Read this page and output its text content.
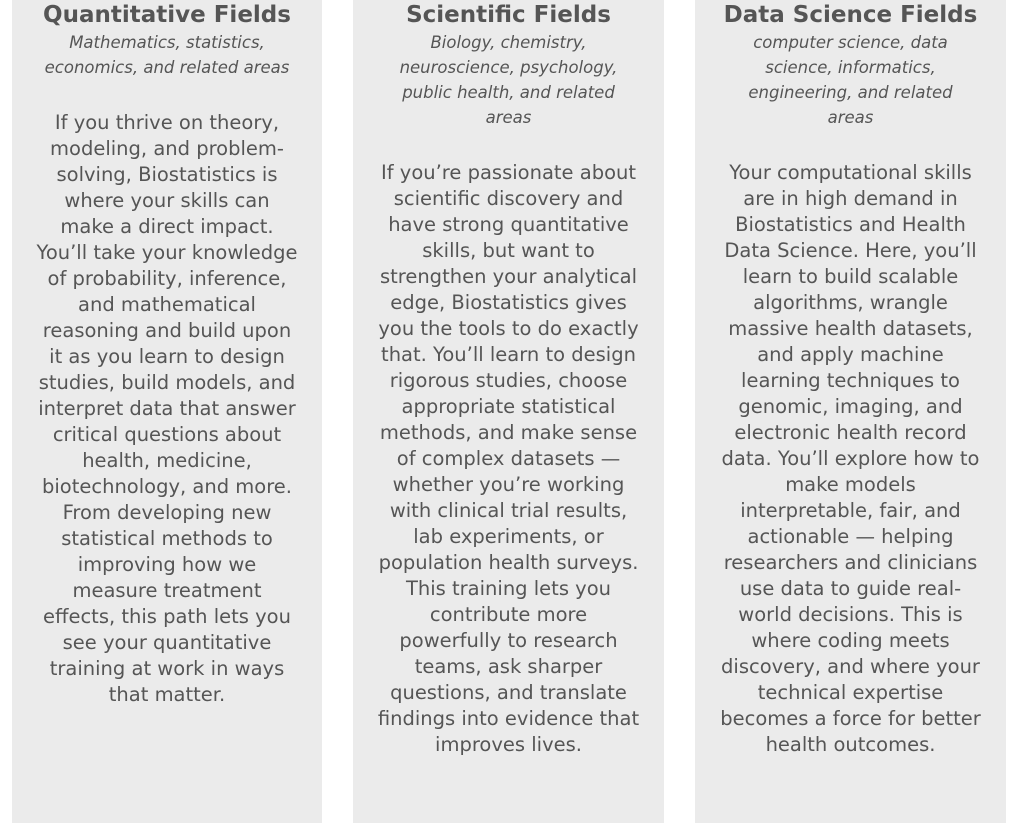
Quantitative Fields

Mathematics, statistics, economics, and related areas

If you thrive on theory, modeling, and problem-solving, Biostatistics is where your skills can make a direct impact. You’ll take your knowledge of probability, inference, and mathematical reasoning and build upon it as you learn to design studies, build models, and interpret data that answer critical questions about health, medicine, biotechnology, and more. From developing new statistical methods to improving how we measure treatment effects, this path lets you see your quantitative training at work in ways that matter.

Scientific Fields

Biology, chemistry, neuroscience, psychology, public health, and related areas

If you’re passionate about scientific discovery and have strong quantitative skills, but want to strengthen your analytical edge, Biostatistics gives you the tools to do exactly that. You’ll learn to design rigorous studies, choose appropriate statistical methods, and make sense of complex datasets — whether you’re working with clinical trial results, lab experiments, or population health surveys. This training lets you contribute more powerfully to research teams, ask sharper questions, and translate findings into evidence that improves lives.

Data Science Fields

computer science, data science, informatics, engineering, and related areas

Your computational skills are in high demand in Biostatistics and Health Data Science. Here, you’ll learn to build scalable algorithms, wrangle massive health datasets, and apply machine learning techniques to genomic, imaging, and electronic health record data. You’ll explore how to make models interpretable, fair, and actionable — helping researchers and clinicians use data to guide real-world decisions. This is where coding meets discovery, and where your technical expertise becomes a force for better health outcomes.
